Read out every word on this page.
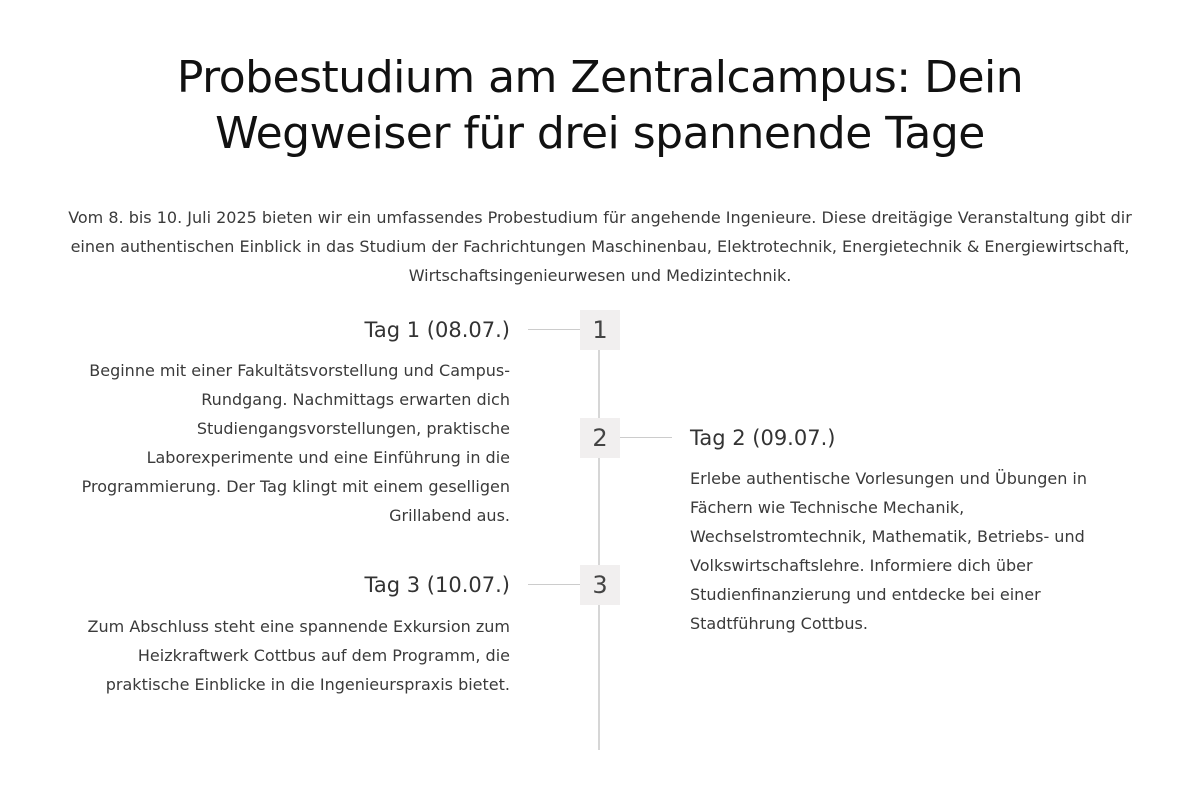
Probestudium am Zentralcampus: Dein
Wegweiser für drei spannende Tage

Vom 8. bis 10. Juli 2025 bieten wir ein umfassendes Probestudium für angehende Ingenieure. Diese dreitägige Veranstaltung gibt dir einen authentischen Einblick in das Studium der Fachrichtungen Maschinenbau, Elektrotechnik, Energietechnik & Energiewirtschaft, Wirtschaftsingenieurwesen und Medizintechnik.

1
Tag 1 (08.07.)

Beginne mit einer Fakultätsvorstellung und Campus-Rundgang. Nachmittags erwarten dich Studiengangsvorstellungen, praktische Laborexperimente und eine Einführung in die Programmierung. Der Tag klingt mit einem geselligen Grillabend aus.

2	Tag 2 (09.07.)

Erlebe authentische Vorlesungen und Übungen in Fächern wie Technische Mechanik, Wechselstromtechnik, Mathematik, Betriebs- und Volkswirtschaftslehre. Informiere dich über Studienfinanzierung und entdecke bei einer Stadtführung Cottbus.

3
Tag 3 (10.07.)

Zum Abschluss steht eine spannende Exkursion zum Heizkraftwerk Cottbus auf dem Programm, die praktische Einblicke in die Ingenieurspraxis bietet.
